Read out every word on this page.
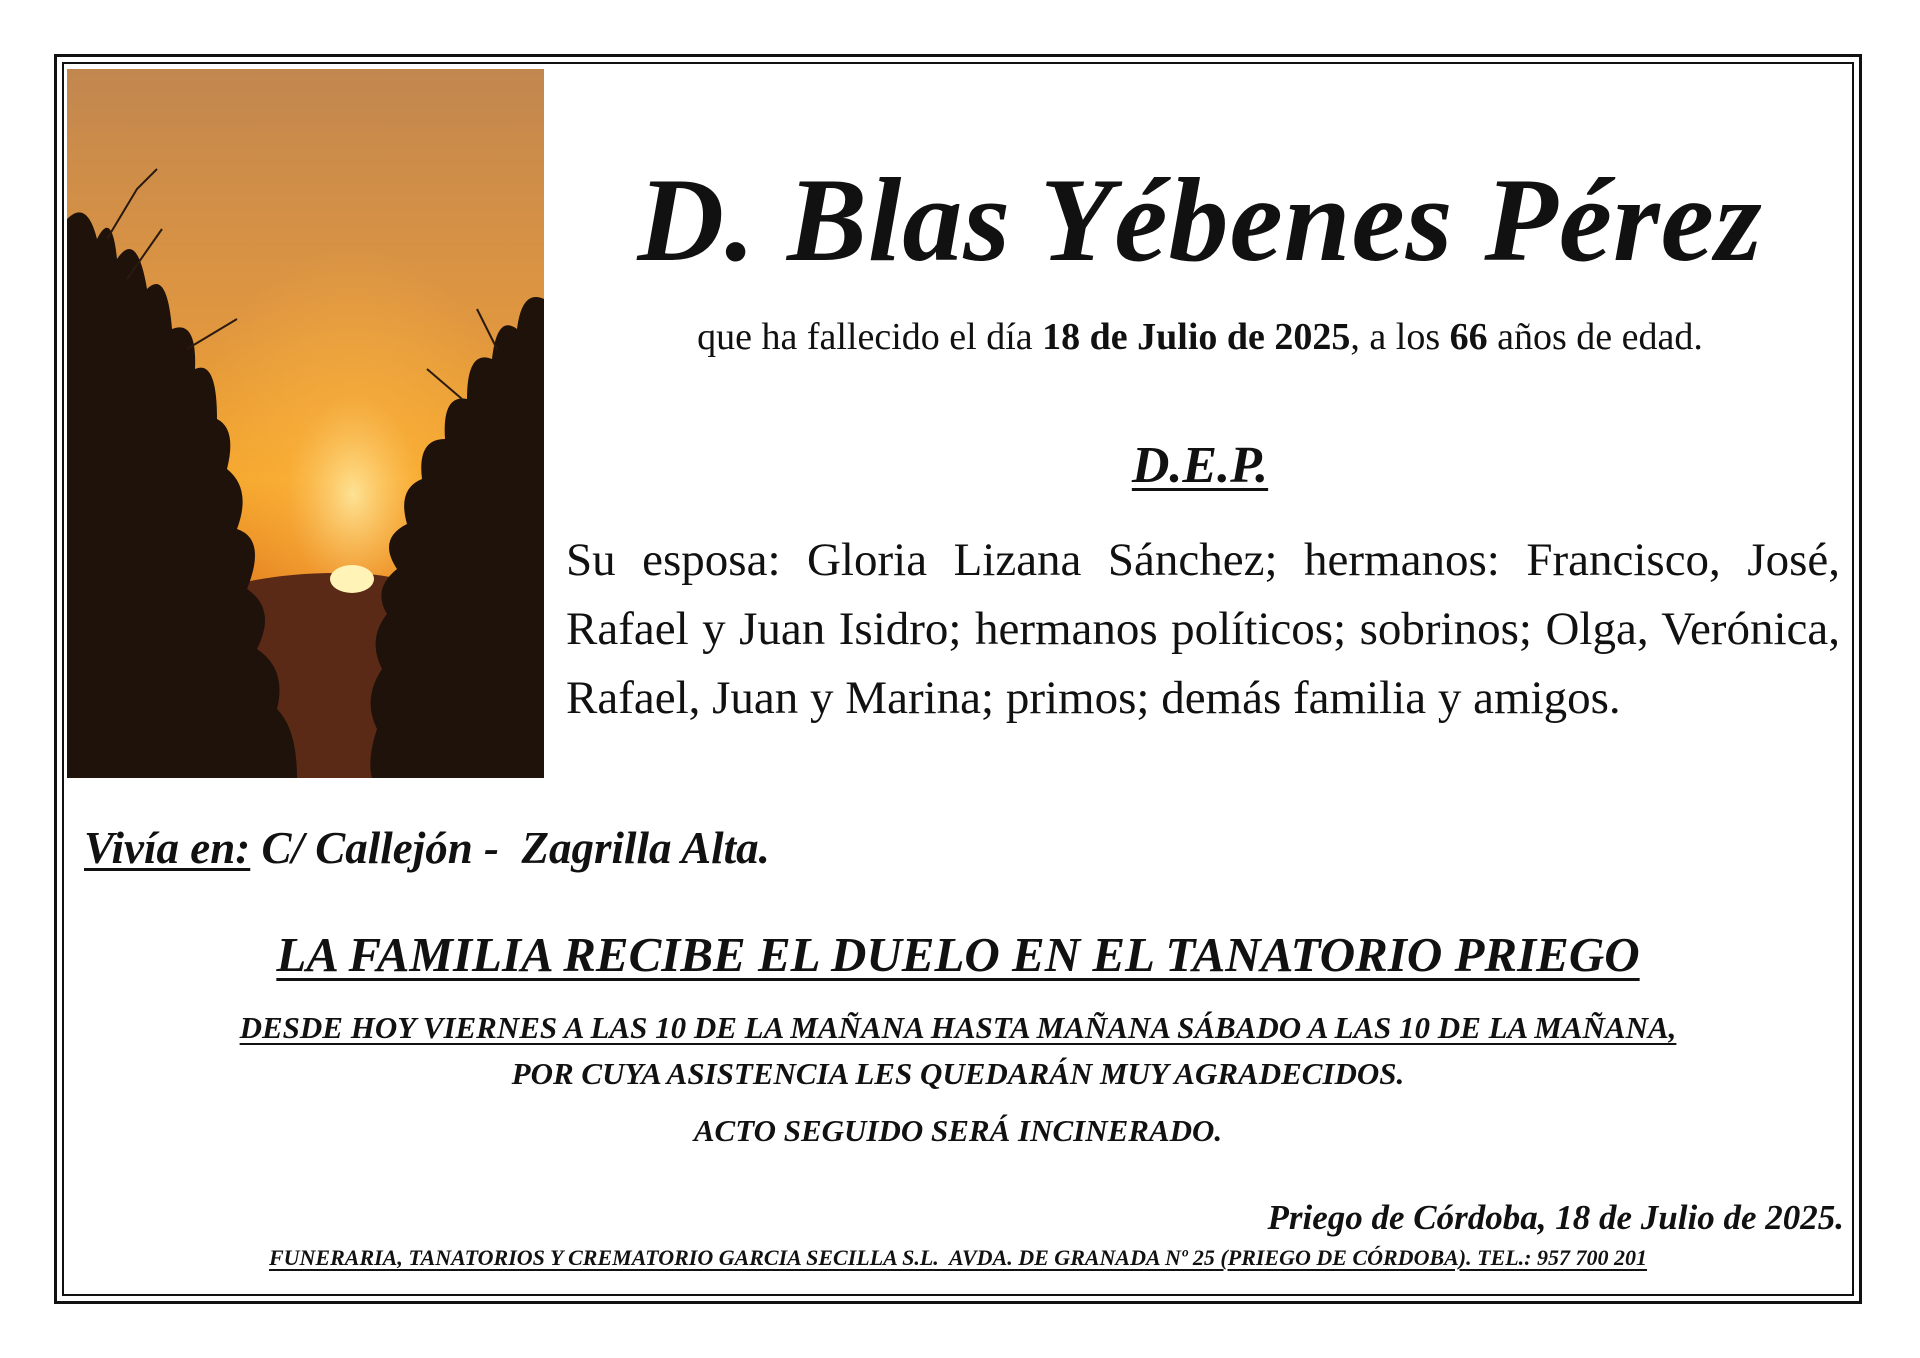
D. Blas Yébenes Pérez

que ha fallecido el día 18 de Julio de 2025, a los 66 años de edad.

D.E.P.

Su esposa: Gloria Lizana Sánchez; hermanos: Francisco, José, Rafael y Juan Isidro; hermanos políticos; sobrinos; Olga, Verónica, Rafael, Juan y Marina; primos; demás familia y amigos.

Vivía en: C/ Callejón -  Zagrilla Alta.

LA FAMILIA RECIBE EL DUELO EN EL TANATORIO PRIEGO

DESDE HOY VIERNES A LAS 10 DE LA MAÑANA HASTA MAÑANA SÁBADO A LAS 10 DE LA MAÑANA,

POR CUYA ASISTENCIA LES QUEDARÁN MUY AGRADECIDOS.

ACTO SEGUIDO SERÁ INCINERADO.

Priego de Córdoba, 18 de Julio de 2025.

FUNERARIA, TANATORIOS Y CREMATORIO GARCIA SECILLA S.L.  AVDA. DE GRANADA Nº 25 (PRIEGO DE CÓRDOBA). TEL.: 957 700 201
